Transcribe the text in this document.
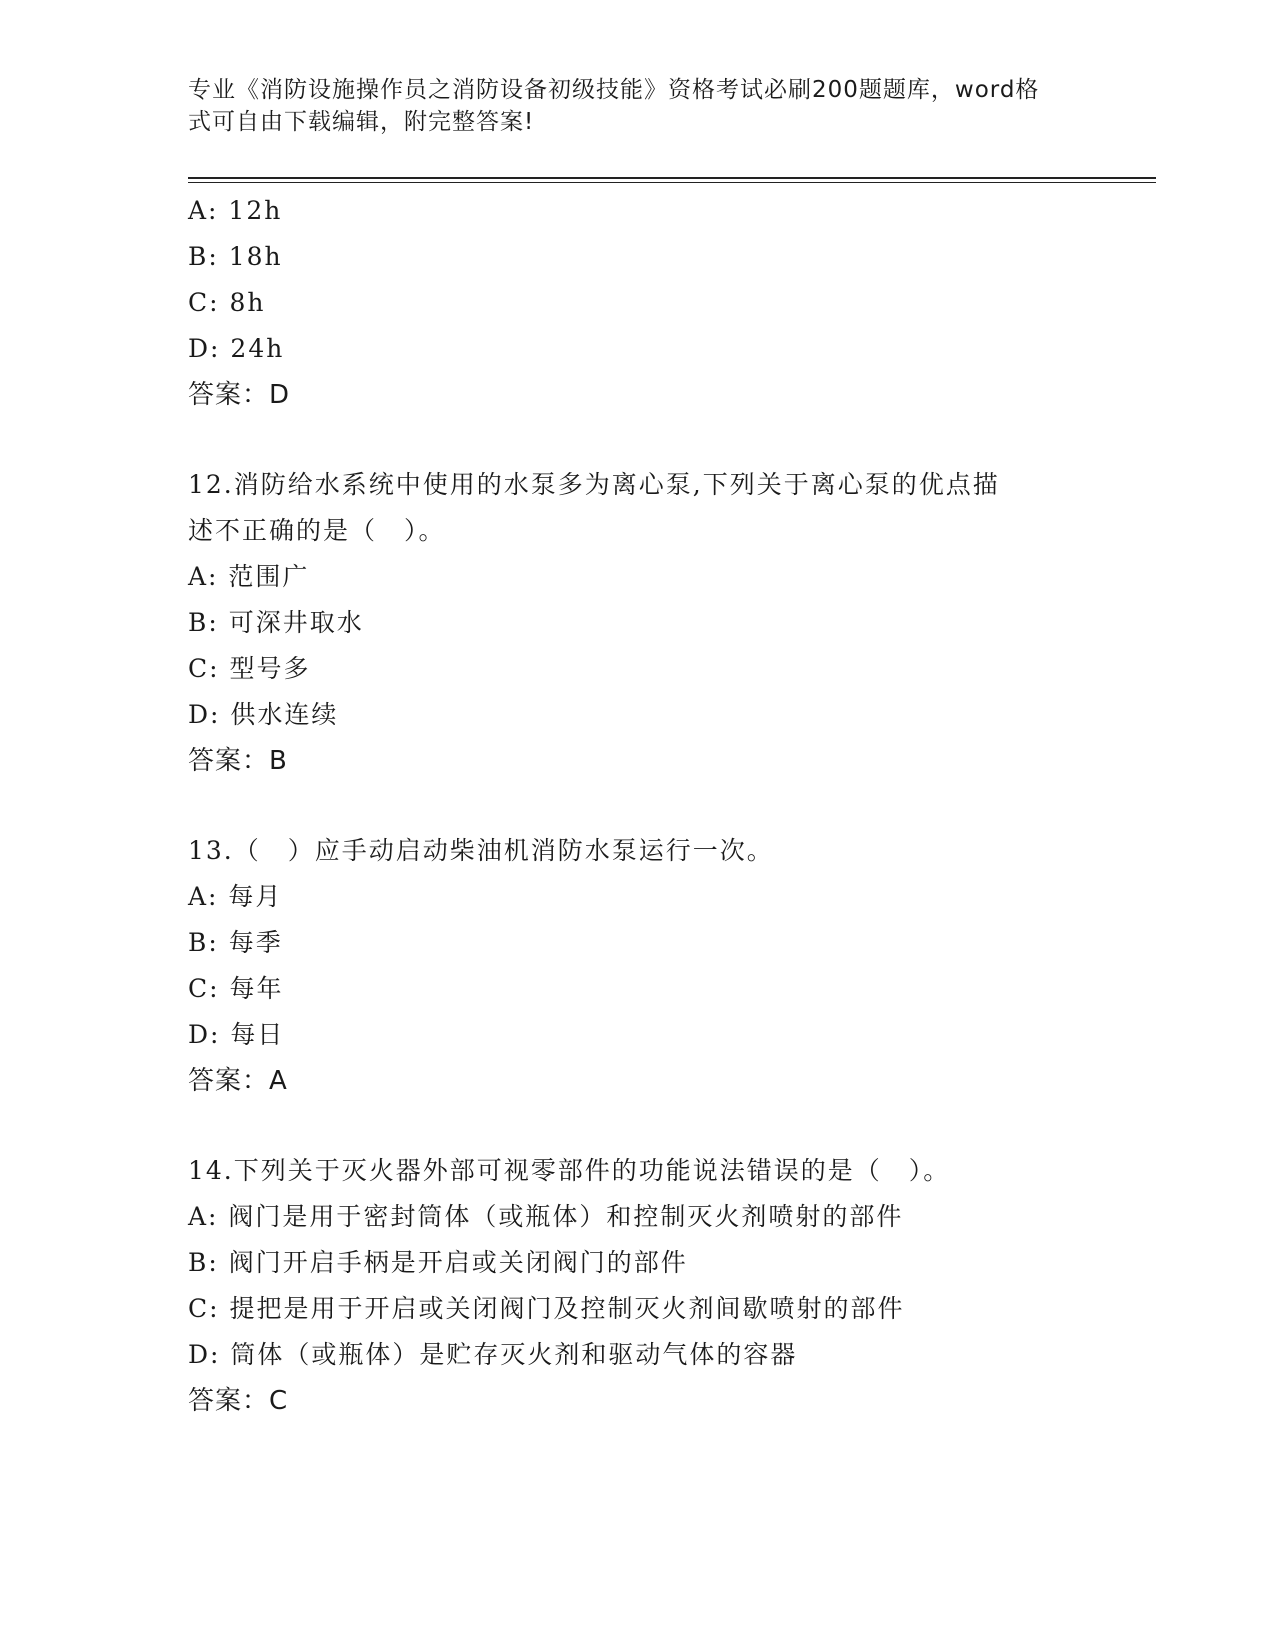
专业《消防设施操作员之消防设备初级技能》资格考试必刷200题题库，word格
式可自由下载编辑，附完整答案!
A: 12h
B: 18h
C: 8h
D: 24h
答案：D
12.消防给水系统中使用的水泵多为离心泵,下列关于离心泵的优点描
述不正确的是（　）。
A: 范围广
B: 可深井取水
C: 型号多
D: 供水连续
答案：B
13.（　）应手动启动柴油机消防水泵运行一次。
A: 每月
B: 每季
C: 每年
D: 每日
答案：A
14.下列关于灭火器外部可视零部件的功能说法错误的是（　）。
A: 阀门是用于密封筒体（或瓶体）和控制灭火剂喷射的部件
B: 阀门开启手柄是开启或关闭阀门的部件
C: 提把是用于开启或关闭阀门及控制灭火剂间歇喷射的部件
D: 筒体（或瓶体）是贮存灭火剂和驱动气体的容器
答案：C
